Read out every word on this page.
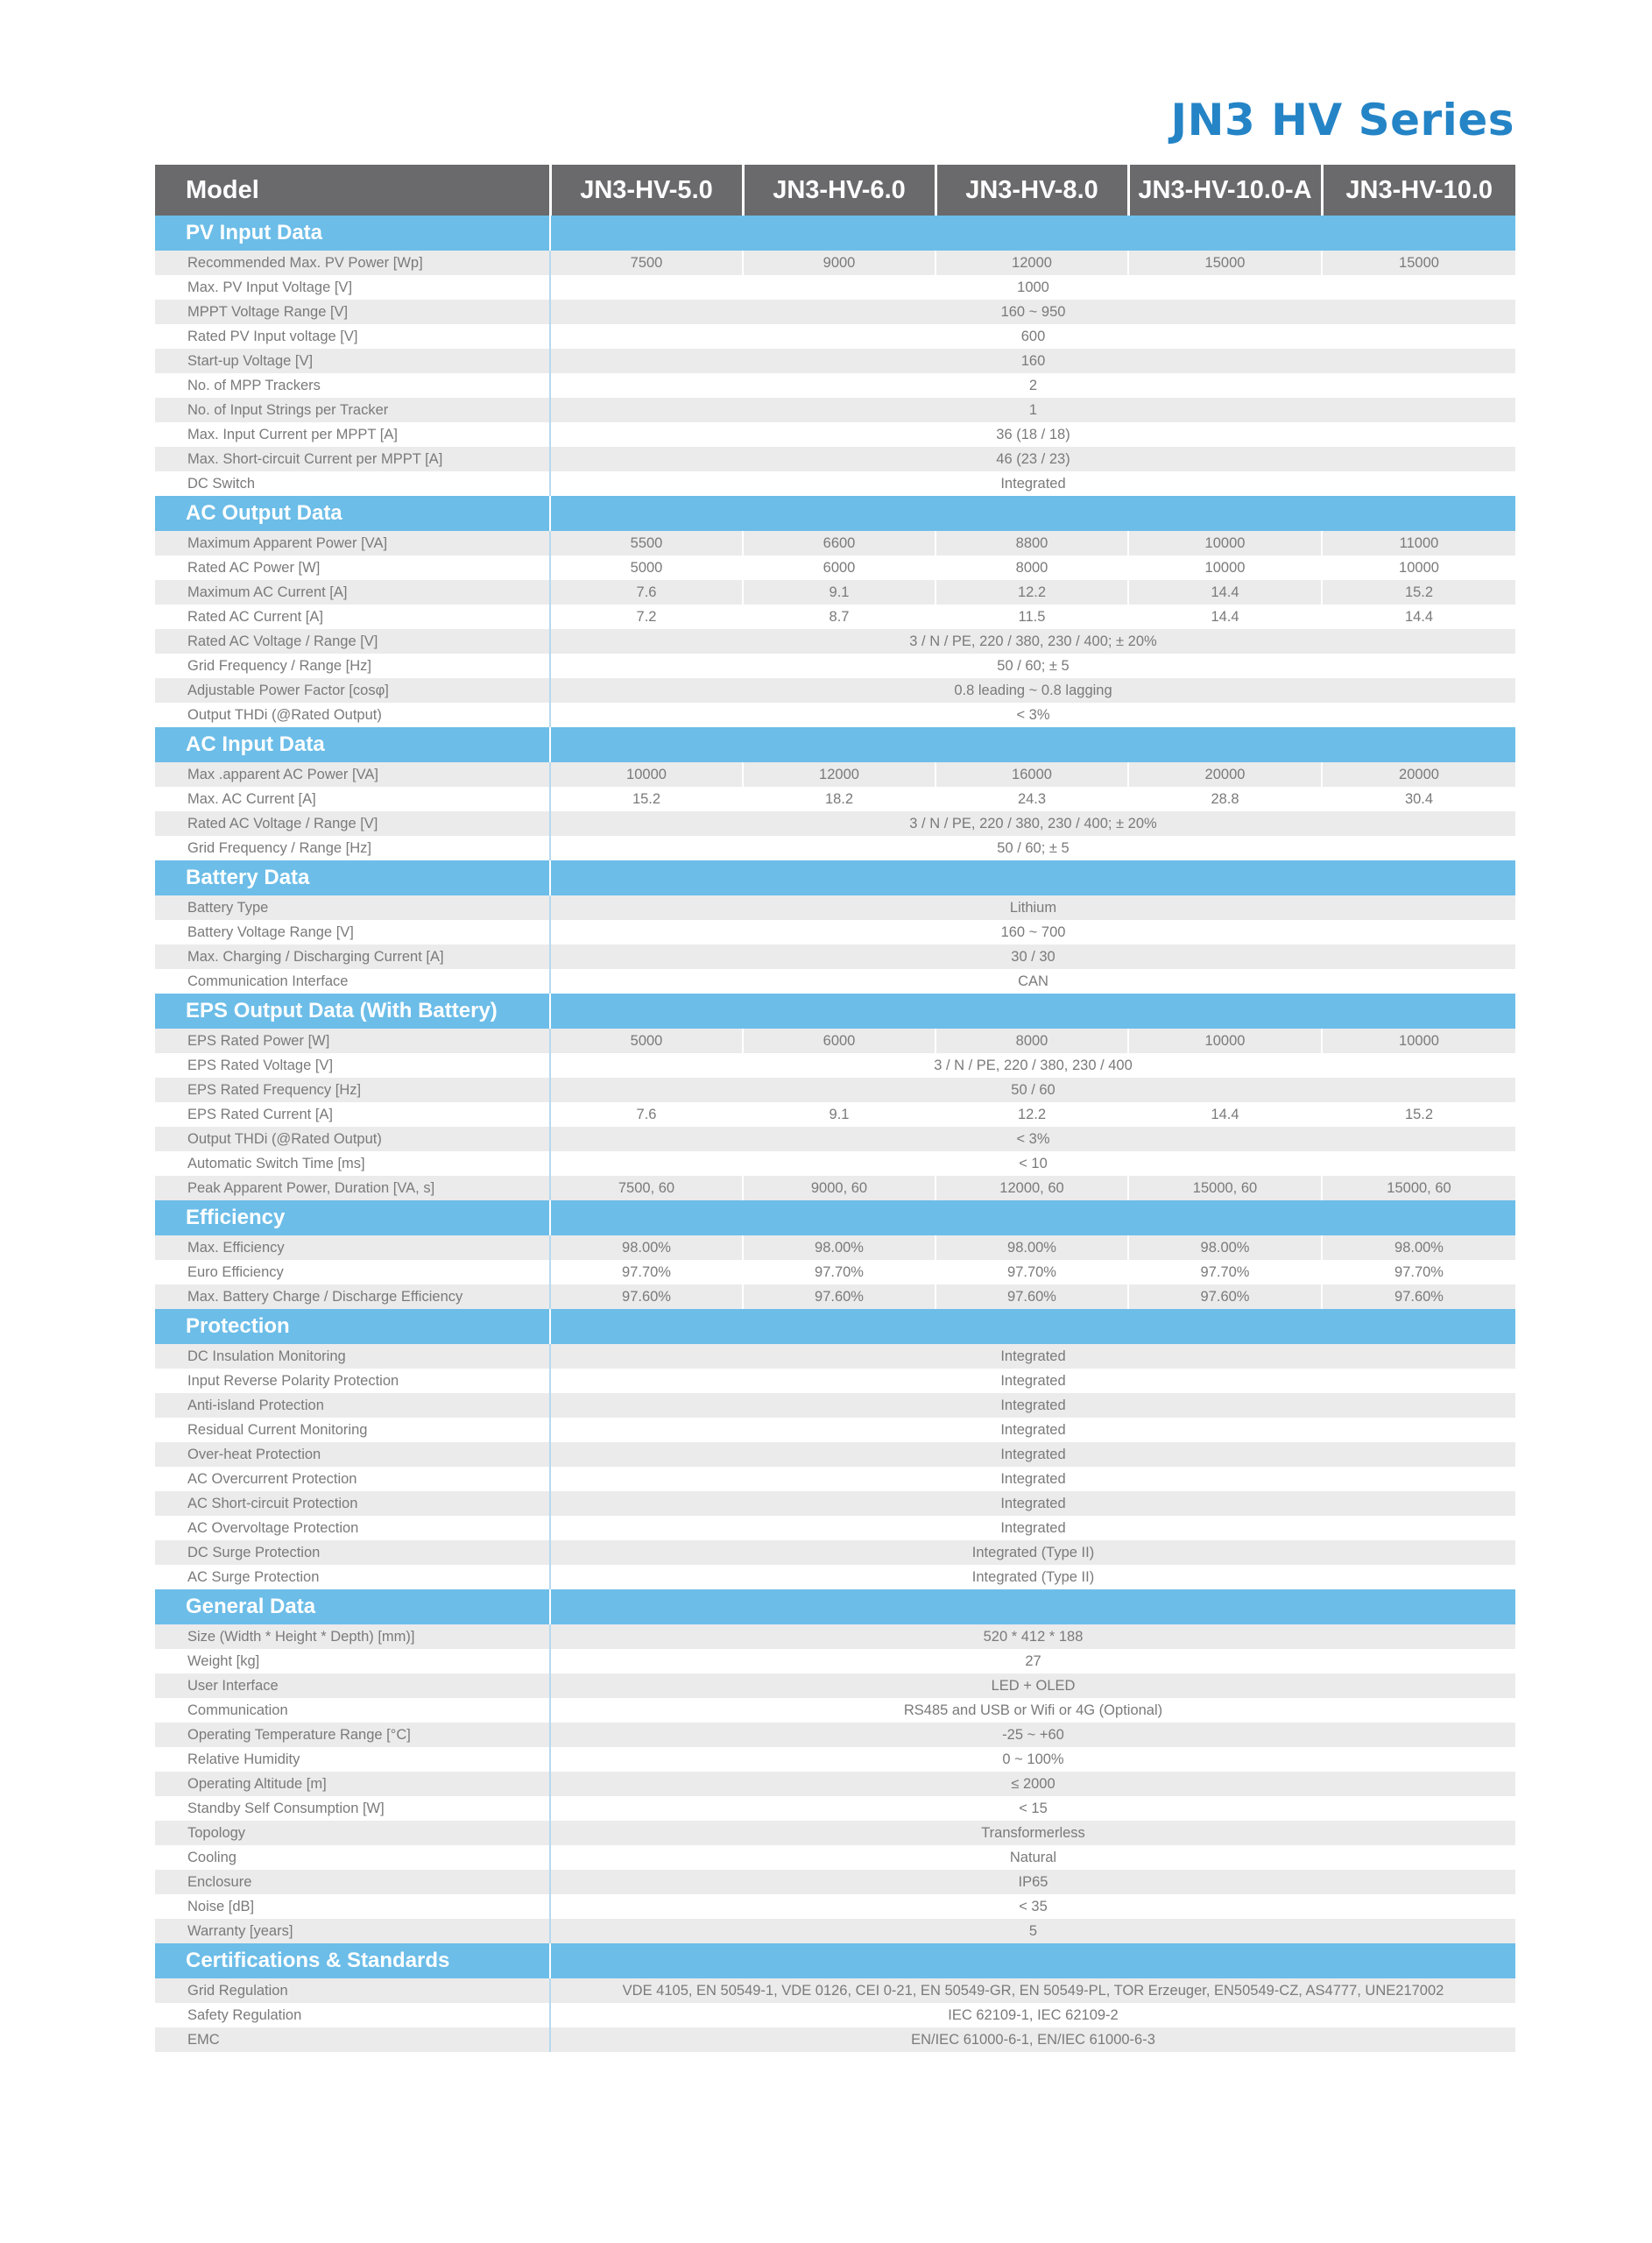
JN3 HV Series
Model	JN3-HV-5.0	JN3-HV-6.0	JN3-HV-8.0	JN3-HV-10.0-A	JN3-HV-10.0
PV Input Data					
Recommended Max. PV Power [Wp]	7500	9000	12000	15000	15000
Max. PV Input Voltage [V]	1000				
MPPT Voltage Range [V]	160 ~ 950				
Rated PV Input voltage [V]	600				
Start-up Voltage [V]	160				
No. of MPP Trackers	2				
No. of Input Strings per Tracker	1				
Max. Input Current per MPPT [A]	36 (18 / 18)				
Max. Short-circuit Current per MPPT [A]	46 (23 / 23)				
DC Switch	Integrated				
AC Output Data					
Maximum Apparent Power [VA]	5500	6600	8800	10000	11000
Rated AC Power [W]	5000	6000	8000	10000	10000
Maximum AC Current [A]	7.6	9.1	12.2	14.4	15.2
Rated AC Current [A]	7.2	8.7	11.5	14.4	14.4
Rated AC Voltage / Range [V]	3 / N / PE, 220 / 380, 230 / 400; ± 20%				
Grid Frequency / Range [Hz]	50 / 60; ± 5				
Adjustable Power Factor [cosφ]	0.8 leading ~ 0.8 lagging				
Output THDi (@Rated Output)	< 3%				
AC Input Data					
Max .apparent AC Power [VA]	10000	12000	16000	20000	20000
Max. AC Current [A]	15.2	18.2	24.3	28.8	30.4
Rated AC Voltage / Range [V]	3 / N / PE, 220 / 380, 230 / 400; ± 20%				
Grid Frequency / Range [Hz]	50 / 60; ± 5				
Battery Data					
Battery Type	Lithium				
Battery Voltage Range [V]	160 ~ 700				
Max. Charging / Discharging Current [A]	30 / 30				
Communication Interface	CAN				
EPS Output Data (With Battery)					
EPS Rated Power [W]	5000	6000	8000	10000	10000
EPS Rated Voltage [V]	3 / N / PE, 220 / 380, 230 / 400				
EPS Rated Frequency [Hz]	50 / 60				
EPS Rated Current [A]	7.6	9.1	12.2	14.4	15.2
Output THDi (@Rated Output)	< 3%				
Automatic Switch Time [ms]	< 10				
Peak Apparent Power, Duration [VA, s]	7500, 60	9000, 60	12000, 60	15000, 60	15000, 60
Efficiency					
Max. Efficiency	98.00%	98.00%	98.00%	98.00%	98.00%
Euro Efficiency	97.70%	97.70%	97.70%	97.70%	97.70%
Max. Battery Charge / Discharge Efficiency	97.60%	97.60%	97.60%	97.60%	97.60%
Protection					
DC Insulation Monitoring	Integrated				
Input Reverse Polarity Protection	Integrated				
Anti-island Protection	Integrated				
Residual Current Monitoring	Integrated				
Over-heat Protection	Integrated				
AC Overcurrent Protection	Integrated				
AC Short-circuit Protection	Integrated				
AC Overvoltage Protection	Integrated				
DC Surge Protection	Integrated (Type II)				
AC Surge Protection	Integrated (Type II)				
General Data					
Size (Width * Height * Depth) [mm)]	520 * 412 * 188				
Weight [kg]	27				
User Interface	LED + OLED				
Communication	RS485 and USB or Wifi or 4G (Optional)				
Operating Temperature Range [°C]	-25 ~ +60				
Relative Humidity	0 ~ 100%				
Operating Altitude [m]	≤ 2000				
Standby Self Consumption [W]	< 15				
Topology	Transformerless				
Cooling	Natural				
Enclosure	IP65				
Noise [dB]	< 35				
Warranty [years]	5				
Certifications & Standards					
Grid Regulation	VDE 4105, EN 50549-1, VDE 0126, CEI 0-21, EN 50549-GR, EN 50549-PL, TOR Erzeuger, EN50549-CZ, AS4777, UNE217002				
Safety Regulation	IEC 62109-1, IEC 62109-2				
EMC	EN/IEC 61000-6-1, EN/IEC 61000-6-3				
